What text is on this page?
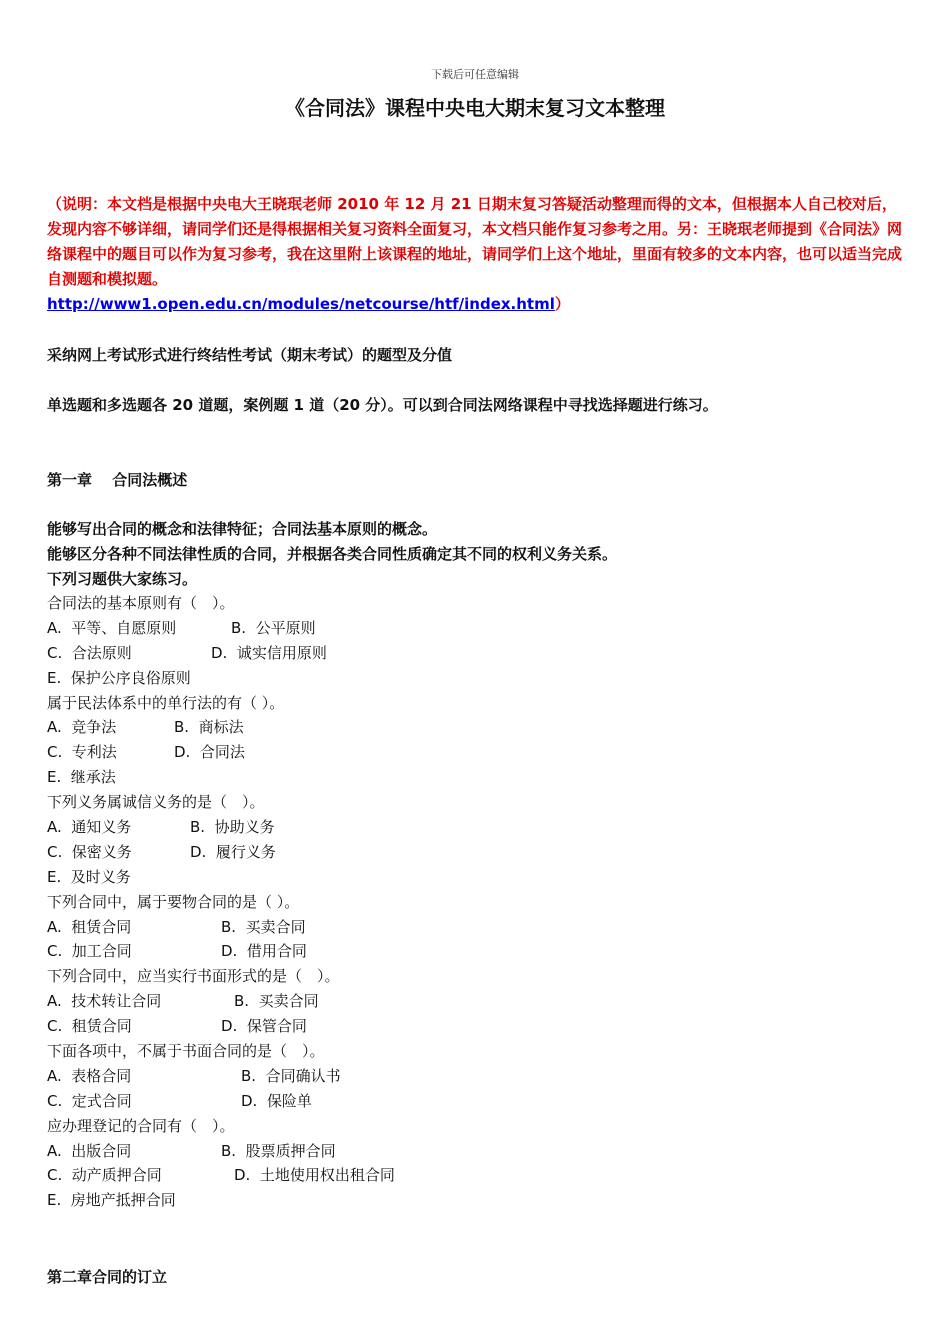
下载后可任意编辑
《合同法》课程中央电大期末复习文本整理
（说明：本文档是根据中央电大王晓珉老师 2010 年 12 月 21 日期末复习答疑活动整理而得的文本，但根据本人自己校对后，发现内容不够详细，请同学们还是得根据相关复习资料全面复习，本文档只能作复习参考之用。另：王晓珉老师提到《合同法》网络课程中的题目可以作为复习参考，我在这里附上该课程的地址，请同学们上这个地址，里面有较多的文本内容，也可以适当完成自测题和模拟题。
http://www1.open.edu.cn/modules/netcourse/htf/index.html）
采纳网上考试形式进行终结性考试（期末考试）的题型及分值
单选题和多选题各 20 道题，案例题 1 道（20 分）。可以到合同法网络课程中寻找选择题进行练习。
第一章　 合同法概述
能够写出合同的概念和法律特征；合同法基本原则的概念。
能够区分各种不同法律性质的合同，并根据各类合同性质确定其不同的权利义务关系。
下列习题供大家练习。
合同法的基本原则有（　）。
A.  平等、自愿原则	B.  公平原则
C.  合法原则	D.  诚实信用原则
E.  保护公序良俗原则
属于民法体系中的单行法的有（ ）。
A.  竞争法	B.  商标法
C.  专利法	D.  合同法
E.  继承法
下列义务属诚信义务的是（　）。
A.  通知义务	B.  协助义务
C.  保密义务	D.  履行义务
E.  及时义务
下列合同中，属于要物合同的是（ ）。
A.  租赁合同	B.  买卖合同
C.  加工合同	D.  借用合同
下列合同中，应当实行书面形式的是（　）。
A.  技术转让合同	B.  买卖合同
C.  租赁合同	D.  保管合同
下面各项中，不属于书面合同的是（　）。
A.  表格合同	B.  合同确认书
C.  定式合同	D.  保险单
应办理登记的合同有（　）。
A.  出版合同	B.  股票质押合同
C.  动产质押合同	D.  土地使用权出租合同
E.  房地产抵押合同
第二章合同的订立
